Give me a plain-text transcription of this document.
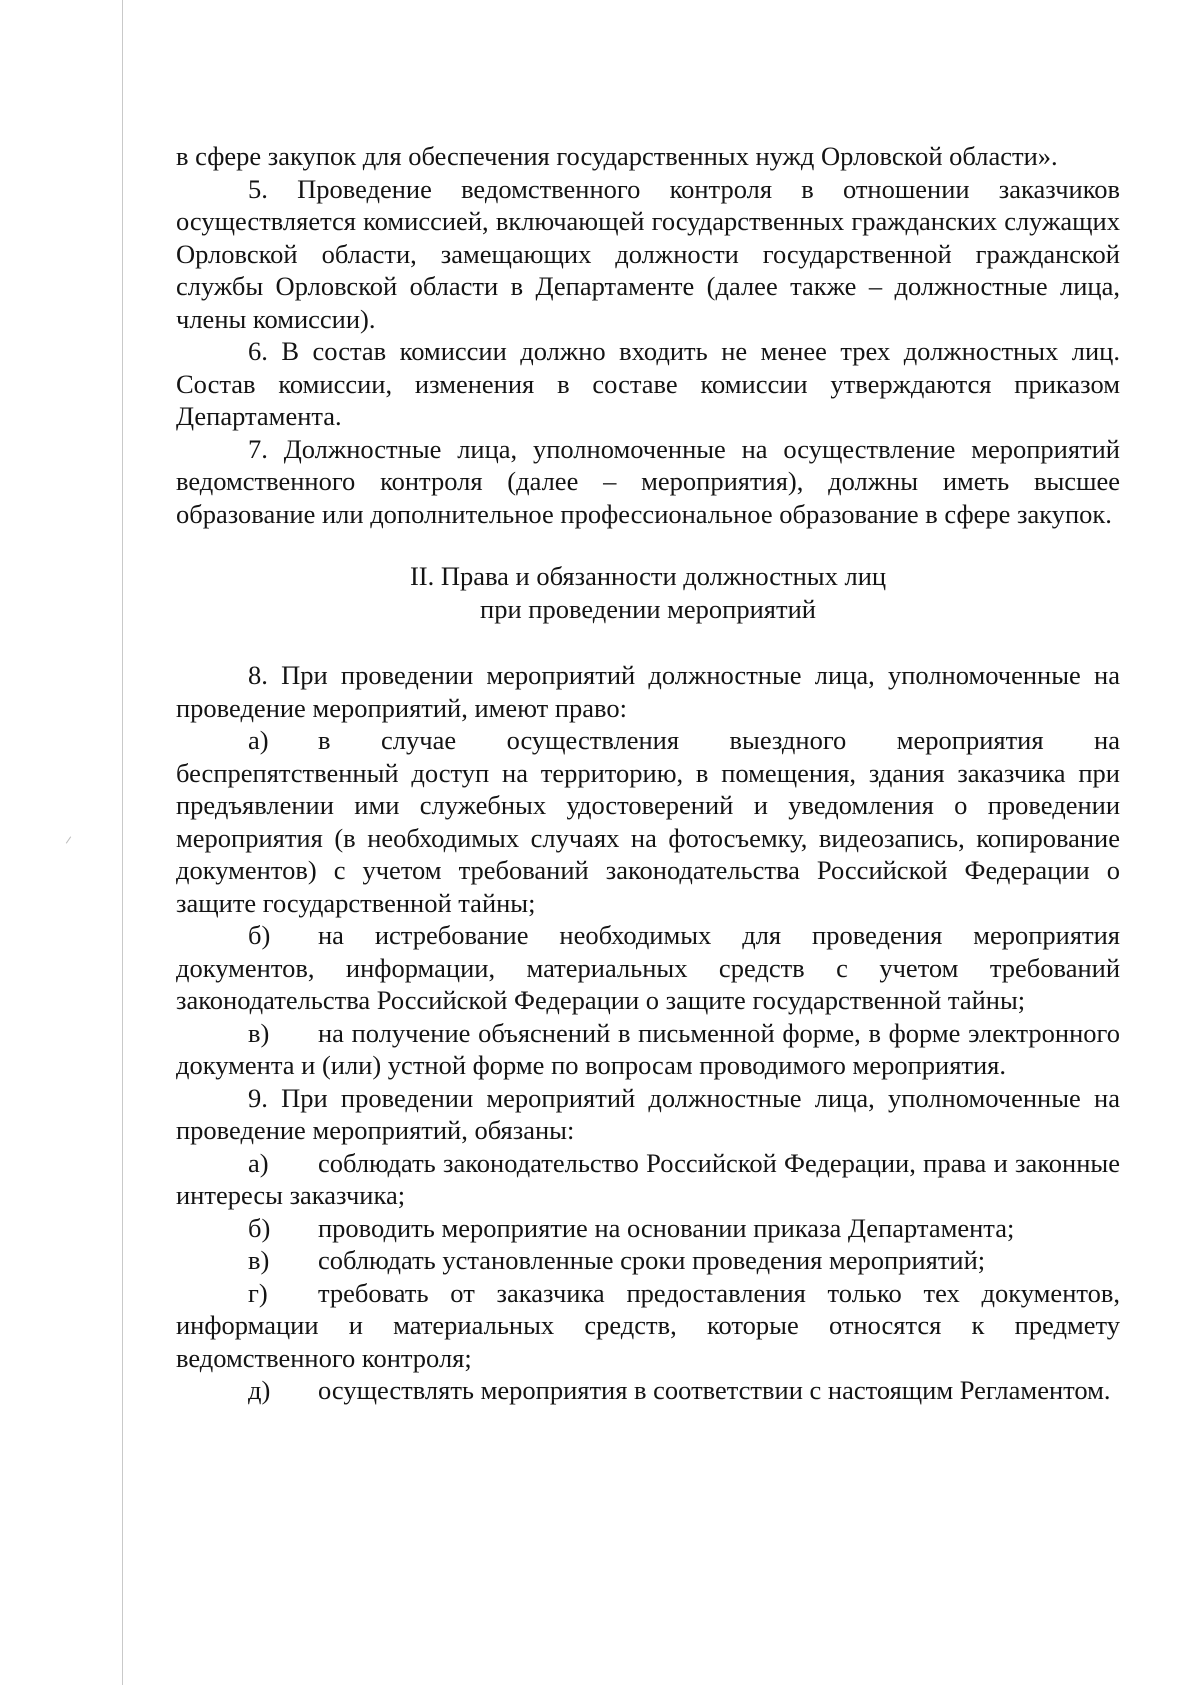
в сфере закупок для обеспечения государственных нужд Орловской области».

5. Проведение ведомственного контроля в отношении заказчиков осуществляется комиссией, включающей государственных гражданских служащих Орловской области, замещающих должности государственной гражданской службы Орловской области в Департаменте (далее также – должностные лица, члены комиссии).

6. В состав комиссии должно входить не менее трех должностных лиц. Состав комиссии, изменения в составе комиссии утверждаются приказом Департамента.

7. Должностные лица, уполномоченные на осуществление мероприятий ведомственного контроля (далее – мероприятия), должны иметь высшее образование или дополнительное профессиональное образование в сфере закупок.

II. Права и обязанности должностных лиц
при проведении мероприятий

8. При проведении мероприятий должностные лица, уполномоченные на проведение мероприятий, имеют право:

а) в случае осуществления выездного мероприятия на беспрепятственный доступ на территорию, в помещения, здания заказчика при предъявлении ими служебных удостоверений и уведомления о проведении мероприятия (в необходимых случаях на фотосъемку, видеозапись, копирование документов) с учетом требований законодательства Российской Федерации о защите государственной тайны;

б) на истребование необходимых для проведения мероприятия документов, информации, материальных средств с учетом требований законодательства Российской Федерации о защите государственной тайны;

в) на получение объяснений в письменной форме, в форме электронного документа и (или) устной форме по вопросам проводимого мероприятия.

9. При проведении мероприятий должностные лица, уполномоченные на проведение мероприятий, обязаны:

а) соблюдать законодательство Российской Федерации, права и законные интересы заказчика;

б) проводить мероприятие на основании приказа Департамента;

в) соблюдать установленные сроки проведения мероприятий;

г) требовать от заказчика предоставления только тех документов, информации и материальных средств, которые относятся к предмету ведомственного контроля;

д) осуществлять мероприятия в соответствии с настоящим Регламентом.
